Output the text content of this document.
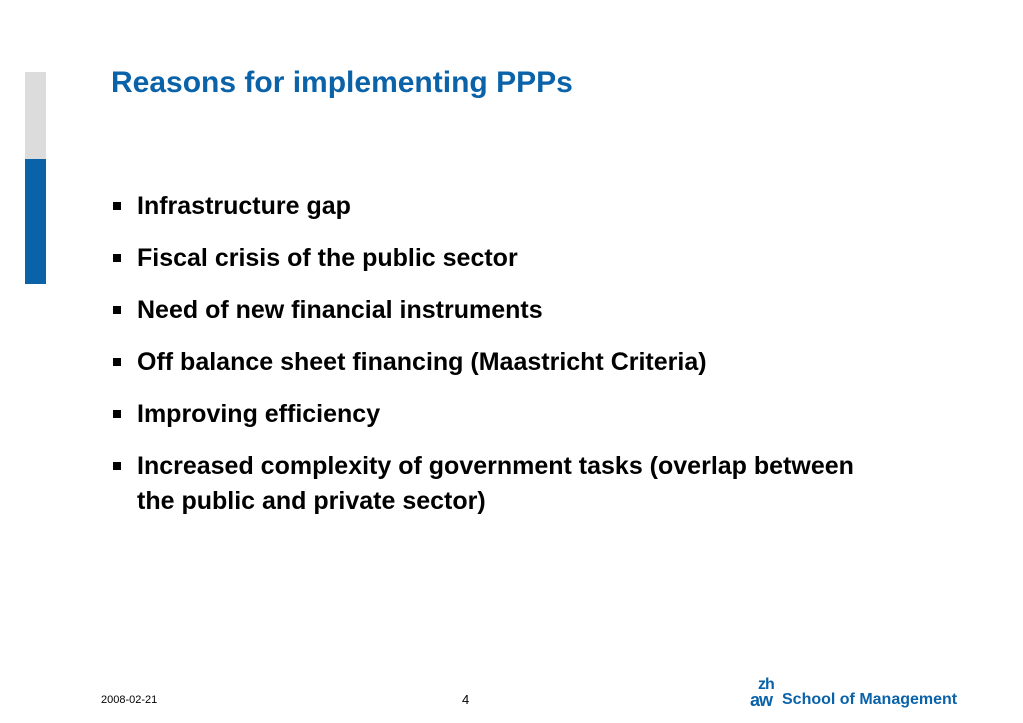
Reasons for implementing PPPs
Infrastructure gap
Fiscal crisis of the public sector
Need of new financial instruments
Off balance sheet financing (Maastricht Criteria)
Improving efficiency
Increased complexity of government tasks (overlap between the public and private sector)
2008-02-21	4
zh
aw School of Management
